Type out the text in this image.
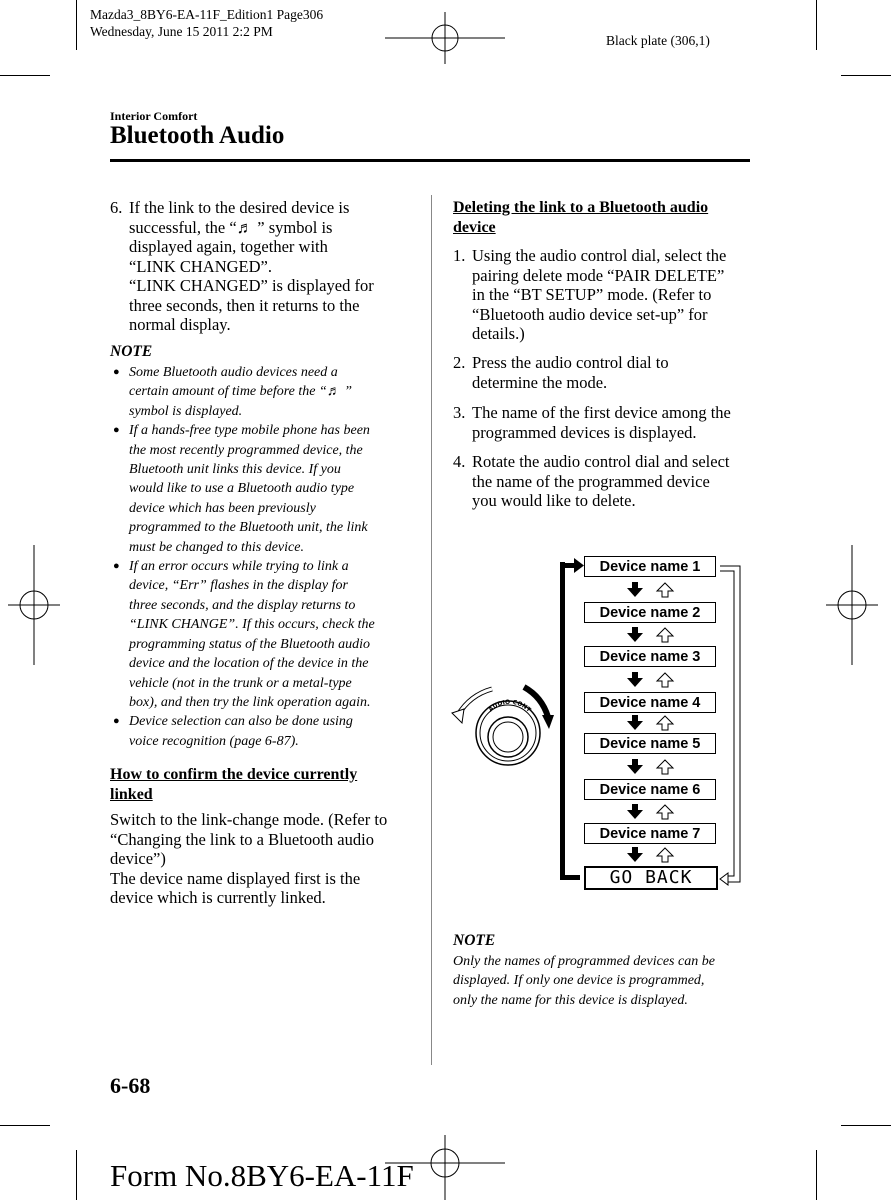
Mazda3_8BY6-EA-11F_Edition1 Page306
Wednesday, June 15 2011 2:2 PM
Black plate (306,1)
Interior Comfort
Bluetooth Audio
6. If the link to the desired device is
successful, the “♬ ” symbol is
displayed again, together with
“LINK CHANGED”.
“LINK CHANGED” is displayed for
three seconds, then it returns to the
normal display.
NOTE
● Some Bluetooth audio devices need a
certain amount of time before the “♬ ”
symbol is displayed.
● If a hands-free type mobile phone has been
the most recently programmed device, the
Bluetooth unit links this device. If you
would like to use a Bluetooth audio type
device which has been previously
programmed to the Bluetooth unit, the link
must be changed to this device.
● If an error occurs while trying to link a
device, “Err” flashes in the display for
three seconds, and the display returns to
“LINK CHANGE”. If this occurs, check the
programming status of the Bluetooth audio
device and the location of the device in the
vehicle (not in the trunk or a metal-type
box), and then try the link operation again.
● Device selection can also be done using
voice recognition (page 6-87).
How to confirm the device currently
linked
Switch to the link-change mode. (Refer to
“Changing the link to a Bluetooth audio
device”)
The device name displayed first is the
device which is currently linked.
Deleting the link to a Bluetooth audio
device
1. Using the audio control dial, select the
pairing delete mode “PAIR DELETE”
in the “BT SETUP” mode. (Refer to
“Bluetooth audio device set-up” for
details.)
2. Press the audio control dial to
determine the mode.
3. The name of the first device among the
programmed devices is displayed.
4. Rotate the audio control dial and select
the name of the programmed device
you would like to delete.
Device name 1
Device name 2
Device name 3
Device name 4
Device name 5
Device name 6
Device name 7
GO BACK
AUDIO CONT
NOTE
Only the names of programmed devices can be
displayed. If only one device is programmed,
only the name for this device is displayed.
6-68
Form No.8BY6-EA-11F
